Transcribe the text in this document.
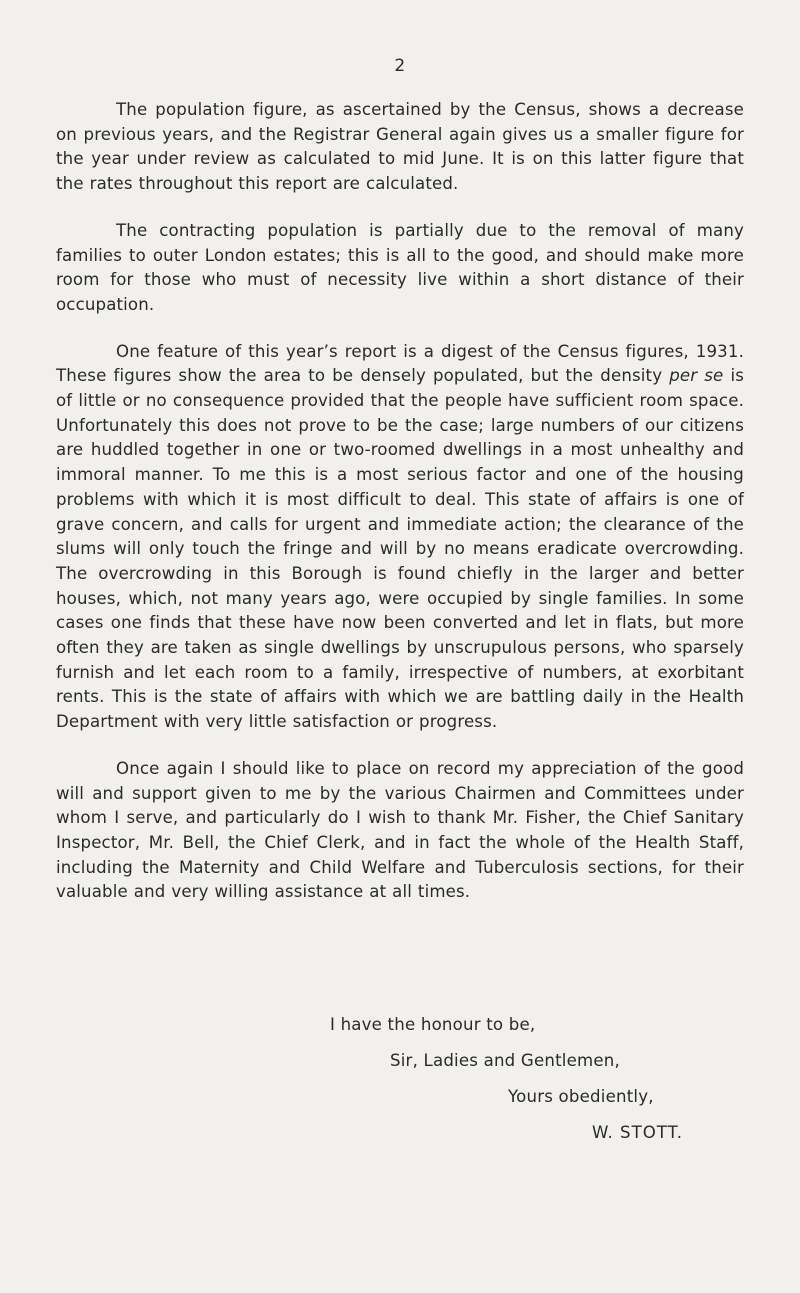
2

The population figure, as ascertained by the Census, shows a decrease on previous years, and the Registrar General again gives us a smaller figure for the year under review as calculated to mid June. It is on this latter figure that the rates throughout this report are calculated.

The contracting population is partially due to the removal of many families to outer London estates; this is all to the good, and should make more room for those who must of necessity live within a short distance of their occupation.

One feature of this year’s report is a digest of the Census figures, 1931. These figures show the area to be densely populated, but the density per se is of little or no consequence provided that the people have sufficient room space. Unfortunately this does not prove to be the case; large numbers of our citizens are huddled together in one or two-roomed dwellings in a most unhealthy and immoral manner. To me this is a most serious factor and one of the housing problems with which it is most difficult to deal. This state of affairs is one of grave concern, and calls for urgent and immediate action; the clearance of the slums will only touch the fringe and will by no means eradicate overcrowding. The overcrowding in this Borough is found chiefly in the larger and better houses, which, not many years ago, were occupied by single families. In some cases one finds that these have now been converted and let in flats, but more often they are taken as single dwellings by unscrupulous persons, who sparsely furnish and let each room to a family, irrespective of numbers, at exorbitant rents. This is the state of affairs with which we are battling daily in the Health Department with very little satisfaction or progress.

Once again I should like to place on record my appreciation of the good will and support given to me by the various Chairmen and Committees under whom I serve, and particularly do I wish to thank Mr. Fisher, the Chief Sanitary Inspector, Mr. Bell, the Chief Clerk, and in fact the whole of the Health Staff, including the Maternity and Child Welfare and Tuberculosis sections, for their valuable and very willing assistance at all times.

I have the honour to be,
Sir, Ladies and Gentlemen,
Yours obediently,
W. STOTT.
